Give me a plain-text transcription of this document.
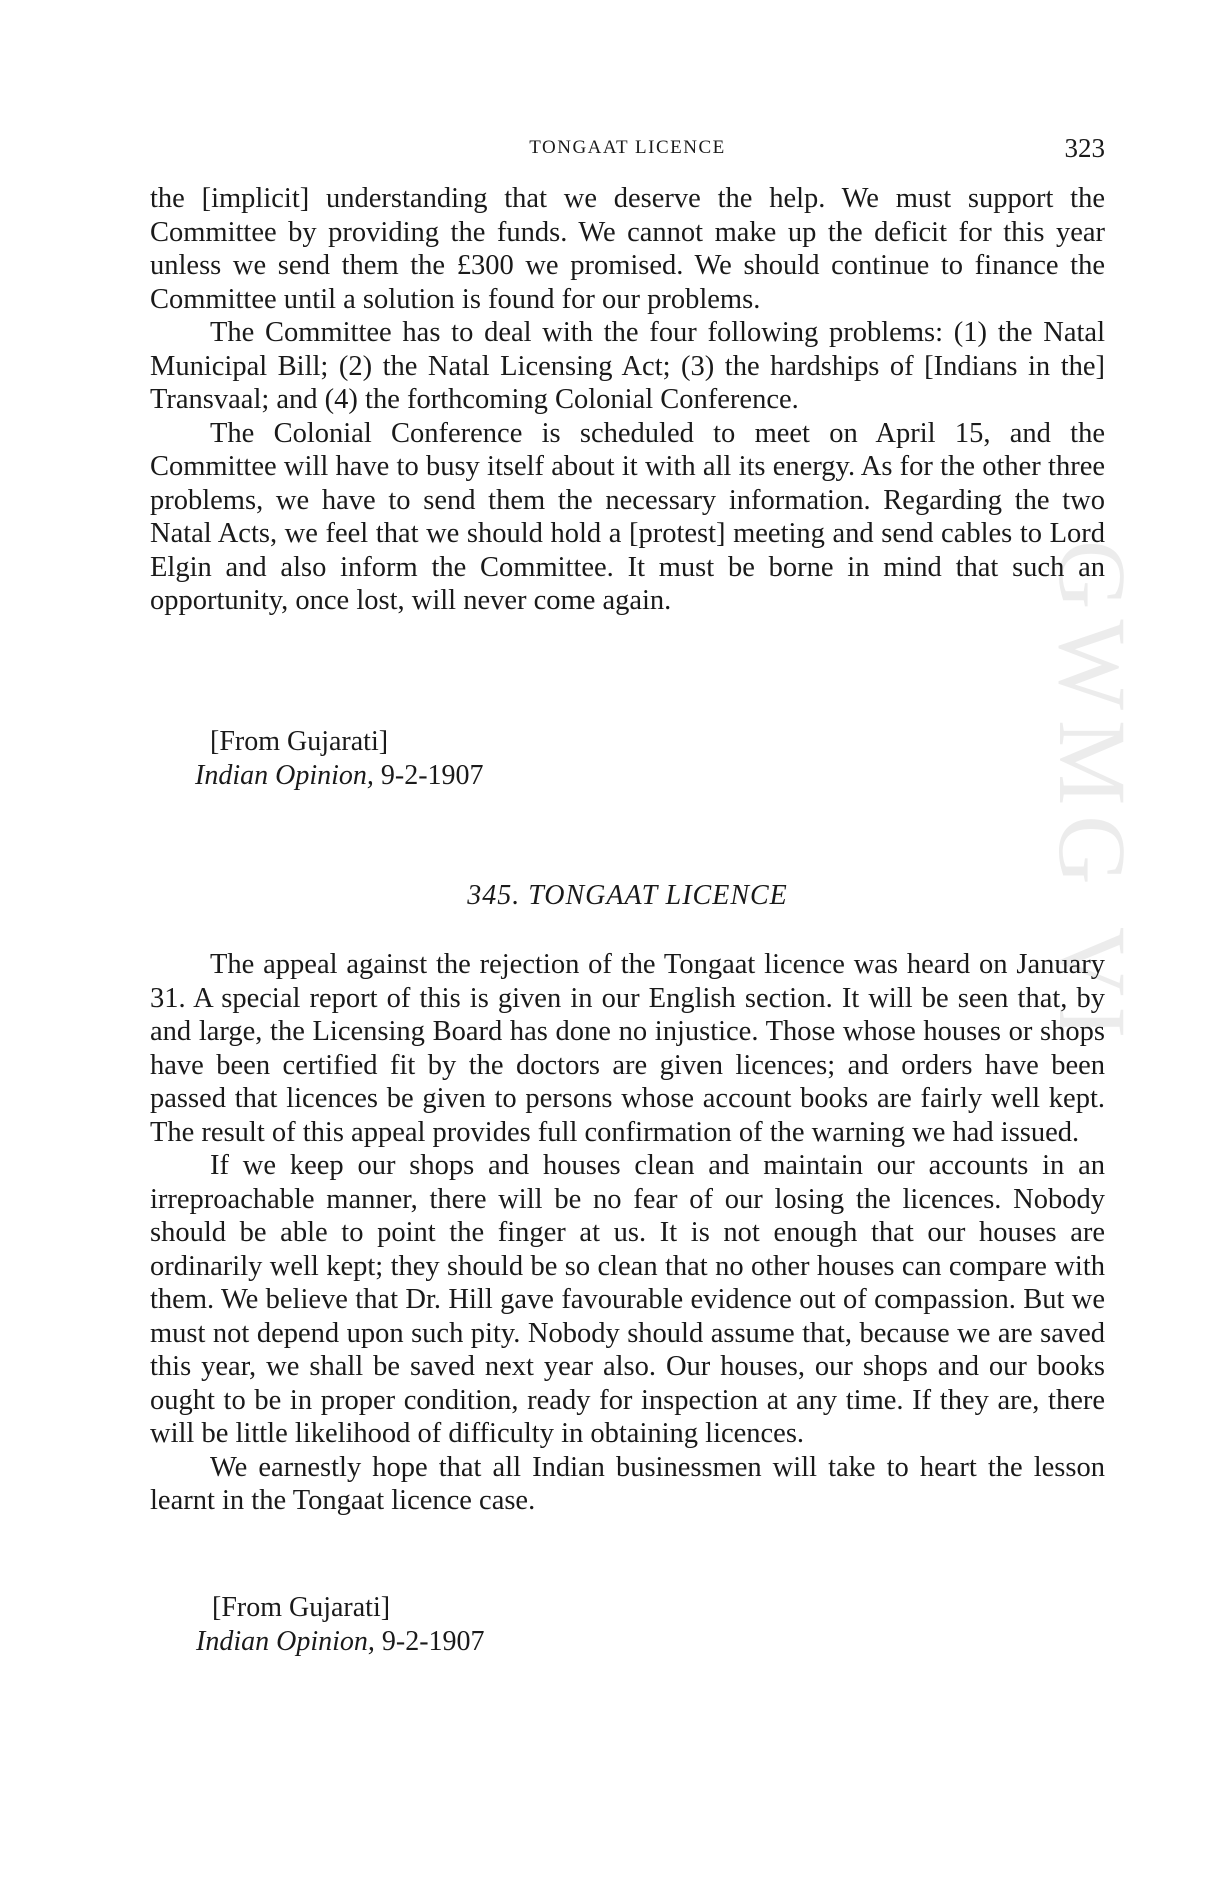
GWMG VI
TONGAAT LICENCE	323

the [implicit] understanding that we deserve the help. We must support the Committee by providing the funds. We cannot make up the deficit for this year unless we send them the £300 we promised. We should continue to finance the Committee until a solution is found for our problems.

The Committee has to deal with the four following problems: (1) the Natal Municipal Bill; (2) the Natal Licensing Act; (3) the hardships of [Indians in the] Transvaal; and (4) the forthcoming Colonial Conference.

The Colonial Conference is scheduled to meet on April 15, and the Committee will have to busy itself about it with all its energy. As for the other three problems, we have to send them the necessary information. Regarding the two Natal Acts, we feel that we should hold a [protest] meeting and send cables to Lord Elgin and also inform the Committee. It must be borne in mind that such an opportunity, once lost, will never come again.

[From Gujarati]

Indian Opinion, 9-2-1907

345. TONGAAT LICENCE

The appeal against the rejection of the Tongaat licence was heard on January 31. A special report of this is given in our English section. It will be seen that, by and large, the Licensing Board has done no injustice. Those whose houses or shops have been certified fit by the doctors are given licences; and orders have been passed that licences be given to persons whose account books are fairly well kept. The result of this appeal provides full confirmation of the warning we had issued.

If we keep our shops and houses clean and maintain our accounts in an irreproachable manner, there will be no fear of our losing the licences. Nobody should be able to point the finger at us. It is not enough that our houses are ordinarily well kept; they should be so clean that no other houses can compare with them. We believe that Dr. Hill gave favourable evidence out of compassion. But we must not depend upon such pity. Nobody should assume that, because we are saved this year, we shall be saved next year also. Our houses, our shops and our books ought to be in proper condition, ready for inspection at any time. If they are, there will be little likelihood of difficulty in obtaining licences.

We earnestly hope that all Indian businessmen will take to heart the lesson learnt in the Tongaat licence case.

[From Gujarati]

Indian Opinion, 9-2-1907
